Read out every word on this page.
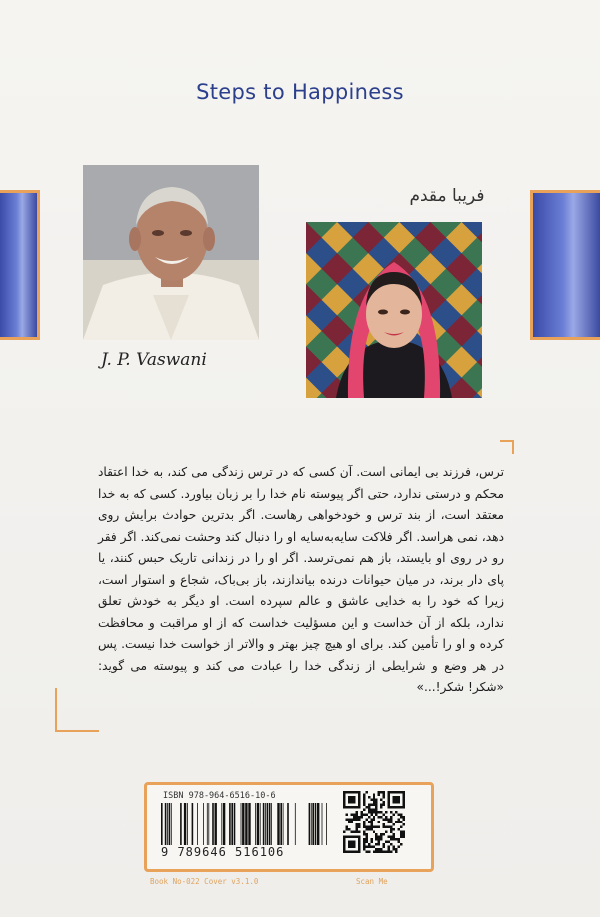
Steps to Happiness
J. P. Vaswani
فریبا مقدم
ترس، فرزند بی ایمانی است. آن کسی که در ترس زندگی می کند، به خدا اعتقاد محکم و درستی ندارد، حتی اگر پیوسته نام خدا را بر زبان بیاورد. کسی که به خدا معتقد است، از بند ترس و خودخواهی رهاست. اگر بدترین حوادث برایش روی دهد، نمی هراسد. اگر فلاکت سایه‌به‌سایه او را دنبال کند وحشت نمی‌کند. اگر فقر رو در روی او بایستد، باز هم نمی‌ترسد. اگر او را در زندانی تاریک حبس کنند، یا پای دار برند، در میان حیوانات درنده بیاندازند، باز بی‌باک، شجاع و استوار است، زیرا که خود را به خدایی عاشق و عالم سپرده است. او دیگر به خودش تعلق ندارد، بلکه از آن خداست و این مسؤلیت خداست که از او مراقبت و محافظت کرده و او را تأمین کند. برای او هیچ چیز بهتر و والاتر از خواست خدا نیست. پس در هر وضع و شرایطی از زندگی خدا را عبادت می کند و پیوسته می گوید: «شکر! شکر!...»
ISBN 978-964-6516-10-6
9 789646 516106
Book No-022 Cover v3.1.0	Scan Me
